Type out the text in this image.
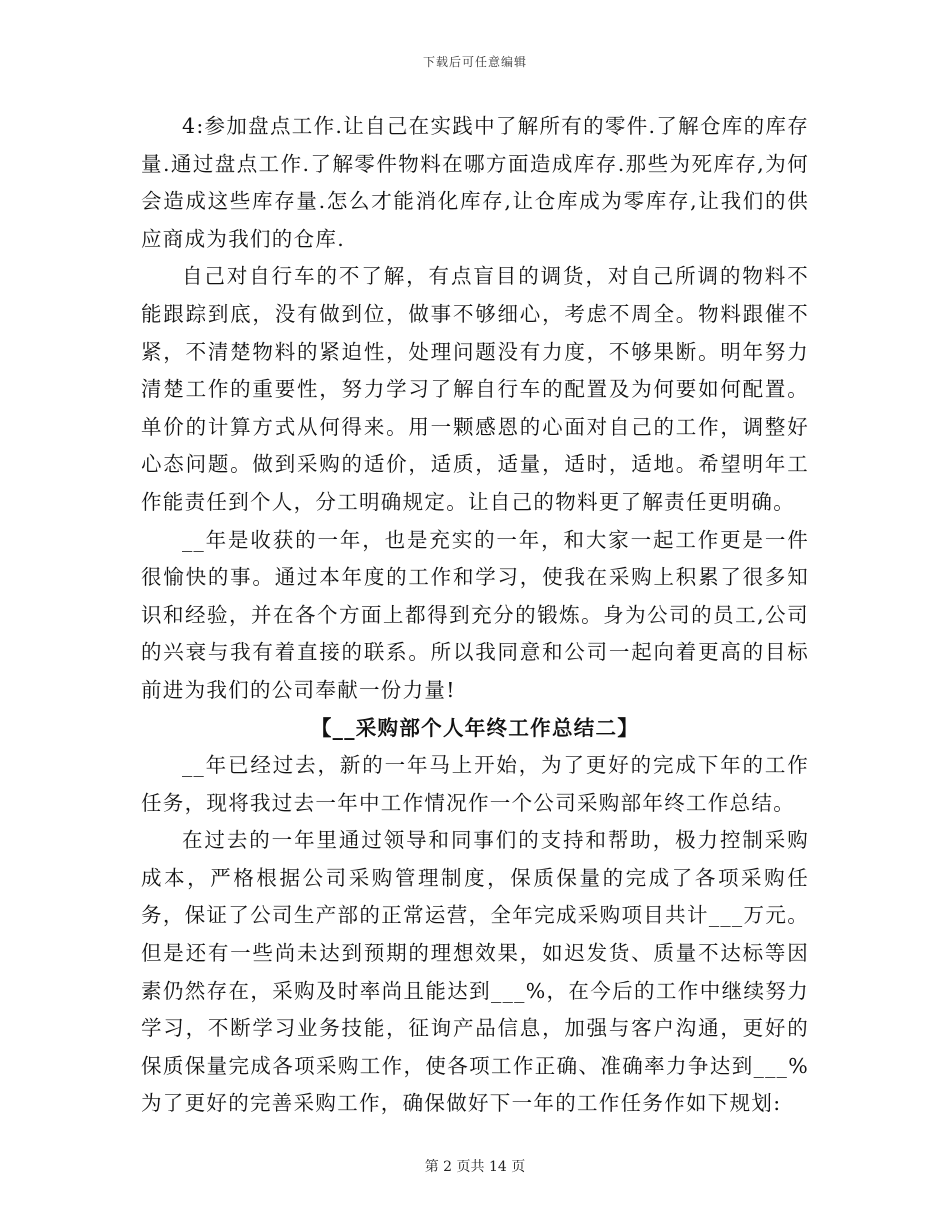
下载后可任意编辑

4:参加盘点工作.让自己在实践中了解所有的零件.了解仓库的库存量.通过盘点工作.了解零件物料在哪方面造成库存.那些为死库存,为何会造成这些库存量.怎么才能消化库存,让仓库成为零库存,让我们的供应商成为我们的仓库.

自己对自行车的不了解，有点盲目的调货，对自己所调的物料不能跟踪到底，没有做到位，做事不够细心，考虑不周全。物料跟催不紧，不清楚物料的紧迫性，处理问题没有力度，不够果断。明年努力清楚工作的重要性，努力学习了解自行车的配置及为何要如何配置。单价的计算方式从何得来。用一颗感恩的心面对自己的工作，调整好心态问题。做到采购的适价，适质，适量，适时，适地。希望明年工作能责任到个人，分工明确规定。让自己的物料更了解责任更明确。

__年是收获的一年，也是充实的一年，和大家一起工作更是一件很愉快的事。通过本年度的工作和学习，使我在采购上积累了很多知识和经验，并在各个方面上都得到充分的锻炼。身为公司的员工,公司的兴衰与我有着直接的联系。所以我同意和公司一起向着更高的目标前进为我们的公司奉献一份力量!

【__采购部个人年终工作总结二】

__年已经过去，新的一年马上开始，为了更好的完成下年的工作任务，现将我过去一年中工作情况作一个公司采购部年终工作总结。

在过去的一年里通过领导和同事们的支持和帮助，极力控制采购成本，严格根据公司采购管理制度，保质保量的完成了各项采购任务，保证了公司生产部的正常运营，全年完成采购项目共计___万元。但是还有一些尚未达到预期的理想效果，如迟发货、质量不达标等因素仍然存在，采购及时率尚且能达到___%，在今后的工作中继续努力学习，不断学习业务技能，征询产品信息，加强与客户沟通，更好的保质保量完成各项采购工作，使各项工作正确、准确率力争达到___%为了更好的完善采购工作，确保做好下一年的工作任务作如下规划:

第 2 页共 14 页
